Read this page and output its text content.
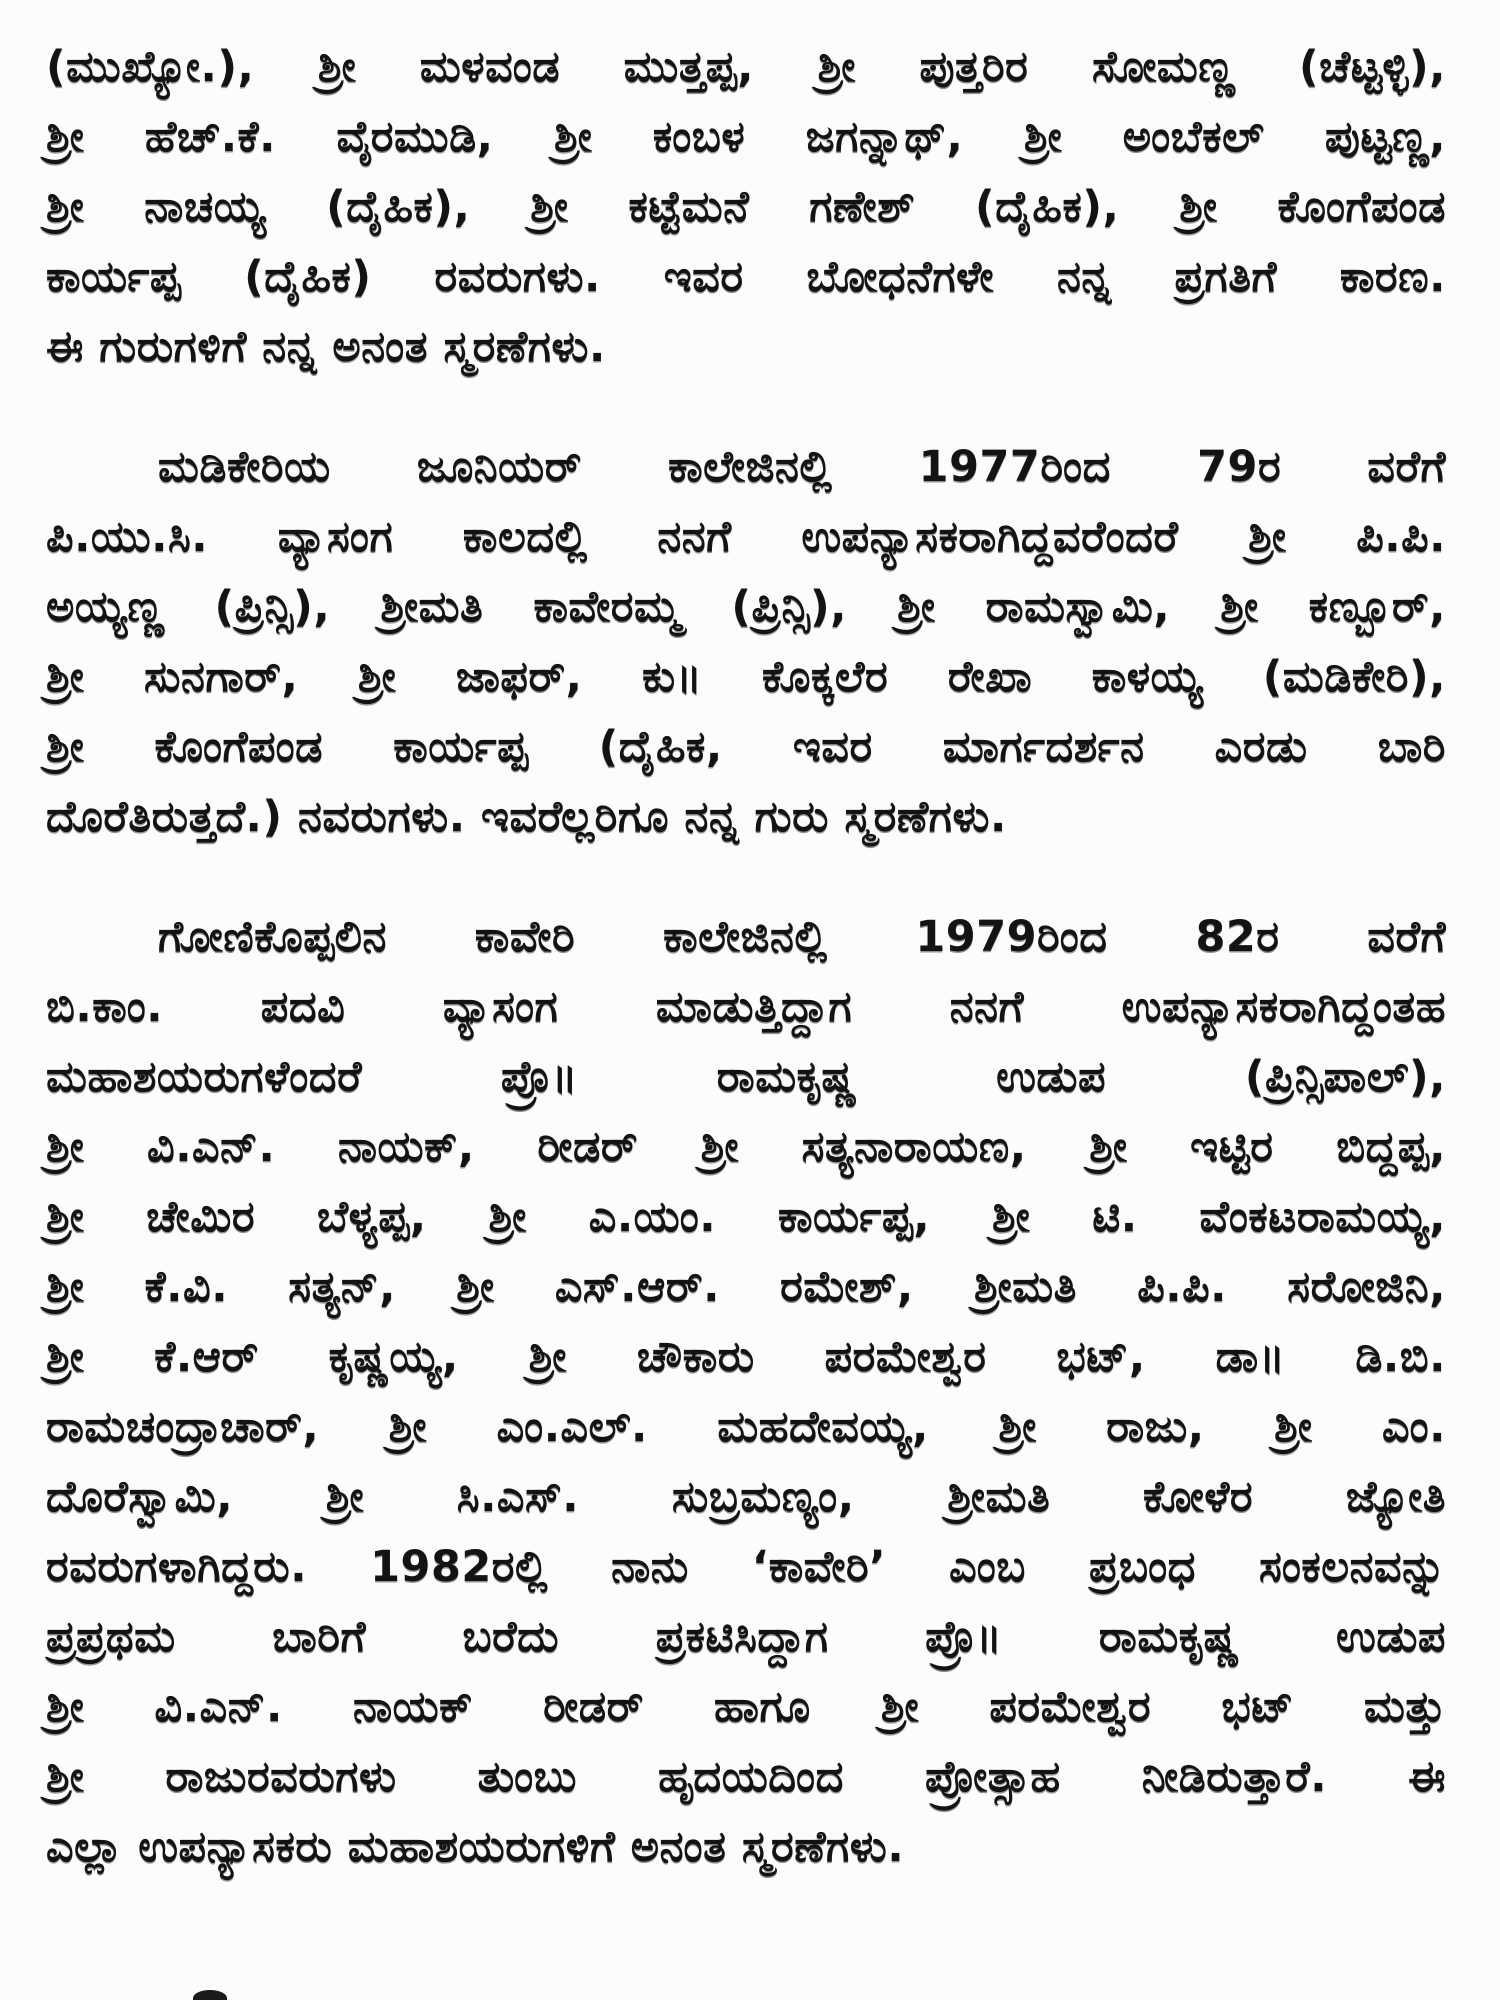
(ಮುಖ್ಯೋ.), ಶ್ರೀ ಮಳವಂಡ ಮುತ್ತಪ್ಪ, ಶ್ರೀ ಪುತ್ತರಿರ ಸೋಮಣ್ಣ (ಚೆಟ್ಟಳ್ಳಿ),
ಶ್ರೀ ಹೆಚ್.ಕೆ. ವೈರಮುಡಿ, ಶ್ರೀ ಕಂಬಳ ಜಗನ್ನಾಥ್, ಶ್ರೀ ಅಂಬೆಕಲ್ ಪುಟ್ಟಣ್ಣ,
ಶ್ರೀ ನಾಚಯ್ಯ (ದೈಹಿಕ), ಶ್ರೀ ಕಟ್ಟೆಮನೆ ಗಣೇಶ್ (ದೈಹಿಕ), ಶ್ರೀ ಕೊಂಗೆಪಂಡ
ಕಾರ್ಯಪ್ಪ (ದೈಹಿಕ) ರವರುಗಳು. ಇವರ ಬೋಧನೆಗಳೇ ನನ್ನ ಪ್ರಗತಿಗೆ ಕಾರಣ.
ಈ ಗುರುಗಳಿಗೆ ನನ್ನ ಅನಂತ ಸ್ಮರಣೆಗಳು.
ಮಡಿಕೇರಿಯ ಜೂನಿಯರ್ ಕಾಲೇಜಿನಲ್ಲಿ 1977ರಿಂದ 79ರ ವರೆಗೆ
ಪಿ.ಯು.ಸಿ. ವ್ಯಾಸಂಗ ಕಾಲದಲ್ಲಿ ನನಗೆ ಉಪನ್ಯಾಸಕರಾಗಿದ್ದವರೆಂದರೆ ಶ್ರೀ ಪಿ.ಪಿ.
ಅಯ್ಯಣ್ಣ (ಪ್ರಿನ್ಸಿ), ಶ್ರೀಮತಿ ಕಾವೇರಮ್ಮ (ಪ್ರಿನ್ಸಿ), ಶ್ರೀ ರಾಮಸ್ವಾಮಿ, ಶ್ರೀ ಕಣ್ಬೂರ್,
ಶ್ರೀ ಸುನಗಾರ್, ಶ್ರೀ ಜಾಫರ್, ಕು॥ ಕೊಕ್ಕಲೆರ ರೇಖಾ ಕಾಳಯ್ಯ (ಮಡಿಕೇರಿ),
ಶ್ರೀ ಕೊಂಗೆಪಂಡ ಕಾರ್ಯಪ್ಪ (ದೈಹಿಕ, ಇವರ ಮಾರ್ಗದರ್ಶನ ಎರಡು ಬಾರಿ
ದೊರೆತಿರುತ್ತದೆ.) ನವರುಗಳು. ಇವರೆಲ್ಲರಿಗೂ ನನ್ನ ಗುರು ಸ್ಮರಣೆಗಳು.
ಗೋಣಿಕೊಪ್ಪಲಿನ ಕಾವೇರಿ ಕಾಲೇಜಿನಲ್ಲಿ 1979ರಿಂದ 82ರ ವರೆಗೆ
ಬಿ.ಕಾಂ. ಪದವಿ ವ್ಯಾಸಂಗ ಮಾಡುತ್ತಿದ್ದಾಗ ನನಗೆ ಉಪನ್ಯಾಸಕರಾಗಿದ್ದಂತಹ
ಮಹಾಶಯರುಗಳೆಂದರೆ ಪ್ರೊ॥ ರಾಮಕೃಷ್ಣ ಉಡುಪ (ಪ್ರಿನ್ಸಿಪಾಲ್),
ಶ್ರೀ ವಿ.ಎನ್. ನಾಯಕ್, ರೀಡರ್ ಶ್ರೀ ಸತ್ಯನಾರಾಯಣ, ಶ್ರೀ ಇಟ್ಟಿರ ಬಿದ್ದಪ್ಪ,
ಶ್ರೀ ಚೇಮಿರ ಬೆಳ್ಯಪ್ಪ, ಶ್ರೀ ಎ.ಯಂ. ಕಾರ್ಯಪ್ಪ, ಶ್ರೀ ಟಿ. ವೆಂಕಟರಾಮಯ್ಯ,
ಶ್ರೀ ಕೆ.ವಿ. ಸತ್ಯನ್, ಶ್ರೀ ಎಸ್.ಆರ್. ರಮೇಶ್, ಶ್ರೀಮತಿ ಪಿ.ಪಿ. ಸರೋಜಿನಿ,
ಶ್ರೀ ಕೆ.ಆರ್ ಕೃಷ್ಣಯ್ಯ, ಶ್ರೀ ಚೌಕಾರು ಪರಮೇಶ್ವರ ಭಟ್, ಡಾ॥ ಡಿ.ಬಿ.
ರಾಮಚಂದ್ರಾಚಾರ್, ಶ್ರೀ ಎಂ.ಎಲ್. ಮಹದೇವಯ್ಯ, ಶ್ರೀ ರಾಜು, ಶ್ರೀ ಎಂ.
ದೊರೆಸ್ವಾಮಿ, ಶ್ರೀ ಸಿ.ಎಸ್. ಸುಬ್ರಮಣ್ಯಂ, ಶ್ರೀಮತಿ ಕೋಳೆರ ಜ್ಯೋತಿ
ರವರುಗಳಾಗಿದ್ದರು. 1982ರಲ್ಲಿ ನಾನು ‘ಕಾವೇರಿ’ ಎಂಬ ಪ್ರಬಂಧ ಸಂಕಲನವನ್ನು
ಪ್ರಪ್ರಥಮ ಬಾರಿಗೆ ಬರೆದು ಪ್ರಕಟಿಸಿದ್ದಾಗ ಪ್ರೊ॥ ರಾಮಕೃಷ್ಣ ಉಡುಪ
ಶ್ರೀ ವಿ.ಎನ್. ನಾಯಕ್ ರೀಡರ್ ಹಾಗೂ ಶ್ರೀ ಪರಮೇಶ್ವರ ಭಟ್ ಮತ್ತು
ಶ್ರೀ ರಾಜುರವರುಗಳು ತುಂಬು ಹೃದಯದಿಂದ ಪ್ರೋತ್ಸಾಹ ನೀಡಿರುತ್ತಾರೆ. ಈ
ಎಲ್ಲಾ ಉಪನ್ಯಾಸಕರು ಮಹಾಶಯರುಗಳಿಗೆ ಅನಂತ ಸ್ಮರಣೆಗಳು.
